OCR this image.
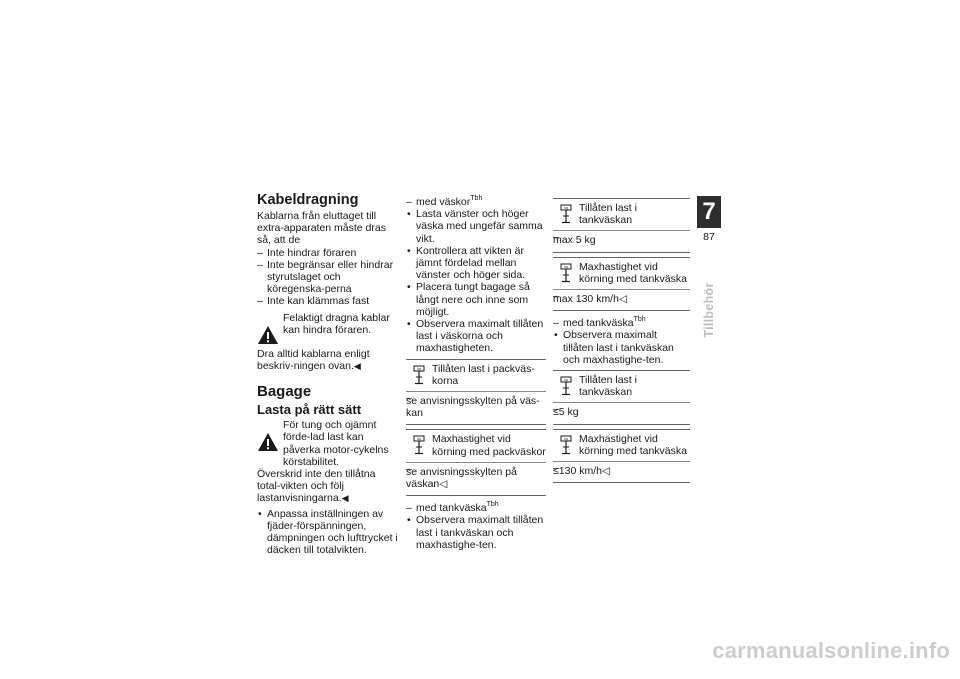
Kabeldragning

Kablarna från eluttaget till extra-apparaten måste dras så, att de

– Inte hindrar föraren

– Inte begränsar eller hindrar styrutslaget och köregenska-perna

– Inte kan klämmas fast

Felaktigt dragna kablar kan hindra föraren.

Dra alltid kablarna enligt beskriv-ningen ovan.◀

Bagage
Lasta på rätt sätt
För tung och ojämnt förde-lad last kan påverka motor-cykelns körstabilitet.

Överskrid inte den tillåtna total-vikten och följ lastanvisningarna.◀

• Anpassa inställningen av fjäder-förspänningen, dämpningen och lufttrycket i däcken till totalvikten.

– med väskor$^{Tbh}$

• Lasta vänster och höger väska med ungefär samma vikt.

• Kontrollera att vikten är jämnt fördelad mellan vänster och höger sida.

• Placera tungt bagage så långt nere och inne som möjligt.

• Observera maximalt tillåten last i väskorna och maxhastigheten.

Tillåten last i packväs-korna
– se anvisningsskylten på väs-kan
Maxhastighet vid körning med packväskor
– se anvisningsskylten på väskan◁

– med tankväska$^{Tbh}$

• Observera maximalt tillåten last i tankväskan och maxhastighe-ten.

Tillåten last i tankväskan
– max 5 kg
Maxhastighet vid körning med tankväska
– max 130 km/h◁

– med tankväska$^{Tbh}$

• Observera maximalt tillåten last i tankväskan och maxhastighe-ten.

Tillåten last i tankväskan
– ≤5 kg
Maxhastighet vid körning med tankväska
– ≤130 km/h◁
7
87
Tillbehör
carmanualsonline.info
